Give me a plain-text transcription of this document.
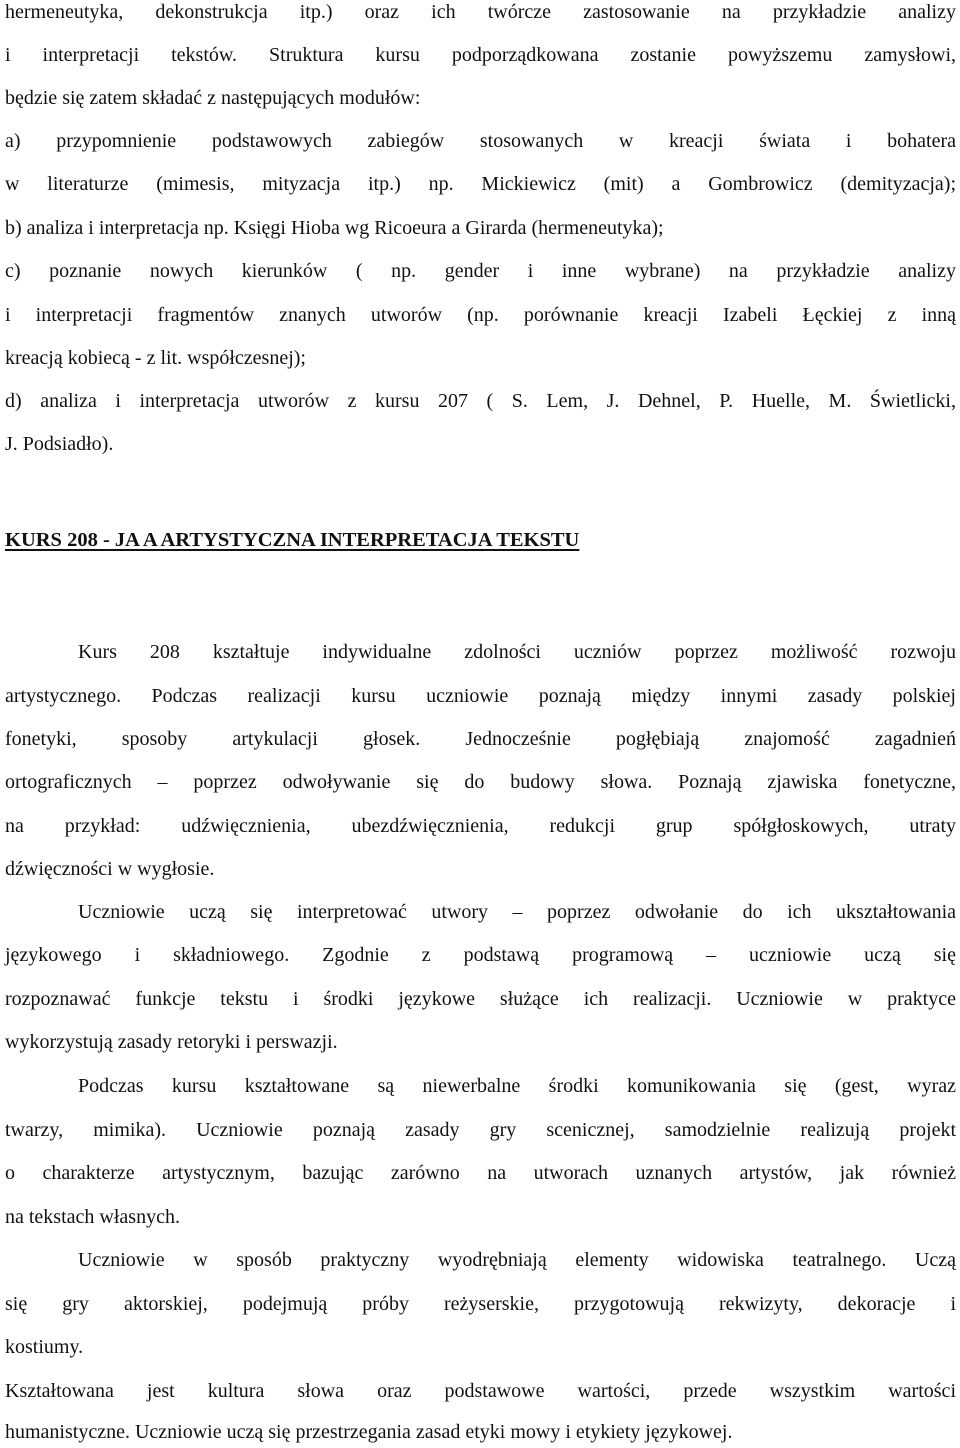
hermeneutyka, dekonstrukcja itp.) oraz ich twórcze zastosowanie na przykładzie analizy
i interpretacji tekstów. Struktura kursu podporządkowana zostanie powyższemu zamysłowi,
będzie się zatem składać z następujących modułów:
a) przypomnienie podstawowych zabiegów stosowanych w kreacji świata i bohatera
w literaturze (mimesis, mityzacja itp.) np. Mickiewicz (mit) a Gombrowicz (demityzacja);
b) analiza i interpretacja np. Księgi Hioba wg Ricoeura a Girarda (hermeneutyka);
c) poznanie nowych kierunków ( np. gender i inne wybrane) na przykładzie analizy
i interpretacji fragmentów znanych utworów (np. porównanie kreacji Izabeli Łęckiej z inną
kreacją kobiecą - z lit. współczesnej);
d) analiza i interpretacja utworów z kursu 207 ( S. Lem, J. Dehnel, P. Huelle, M. Świetlicki,
J. Podsiadło).
KURS 208 - JA A ARTYSTYCZNA INTERPRETACJA TEKSTU
Kurs 208 kształtuje indywidualne zdolności uczniów poprzez możliwość rozwoju
artystycznego. Podczas realizacji kursu uczniowie poznają między innymi zasady polskiej
fonetyki, sposoby artykulacji głosek. Jednocześnie pogłębiają znajomość zagadnień
ortograficznych – poprzez odwoływanie się do budowy słowa. Poznają zjawiska fonetyczne,
na przykład: udźwięcznienia, ubezdźwięcznienia, redukcji grup spółgłoskowych, utraty
dźwięczności w wygłosie.
Uczniowie uczą się interpretować utwory – poprzez odwołanie do ich ukształtowania
językowego i składniowego. Zgodnie z podstawą programową – uczniowie uczą się
rozpoznawać funkcje tekstu i środki językowe służące ich realizacji. Uczniowie w praktyce
wykorzystują zasady retoryki i perswazji.
Podczas kursu kształtowane są niewerbalne środki komunikowania się (gest, wyraz
twarzy, mimika). Uczniowie poznają zasady gry scenicznej, samodzielnie realizują projekt
o charakterze artystycznym, bazując zarówno na utworach uznanych artystów, jak również
na tekstach własnych.
Uczniowie w sposób praktyczny wyodrębniają elementy widowiska teatralnego. Uczą
się gry aktorskiej, podejmują próby reżyserskie, przygotowują rekwizyty, dekoracje i
kostiumy.
Kształtowana jest kultura słowa oraz podstawowe wartości, przede wszystkim wartości
humanistyczne. Uczniowie uczą się przestrzegania zasad etyki mowy i etykiety językowej.
